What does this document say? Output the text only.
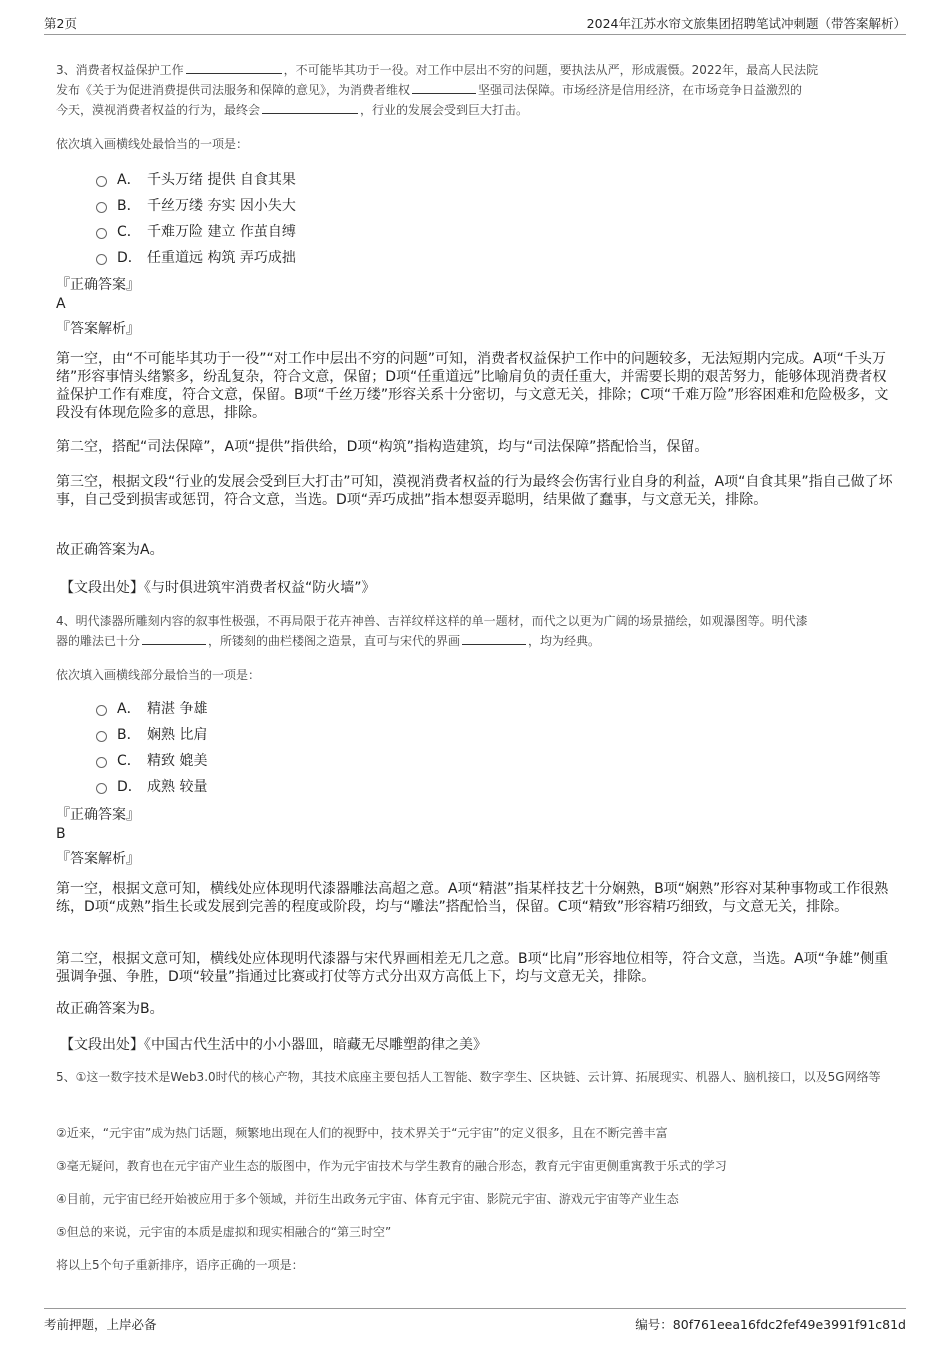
第2页	2024年江苏水帘文旅集团招聘笔试冲刺题（带答案解析）

3、消费者权益保护工作	，不可能毕其功于一役。对工作中层出不穷的问题，要执法从严，形成震慑。2022年，最高人民法院
发布《关于为促进消费提供司法服务和保障的意见》，为消费者维权	坚强司法保障。市场经济是信用经济，在市场竞争日益激烈的
今天，漠视消费者权益的行为，最终会	，行业的发展会受到巨大打击。

依次填入画横线处最恰当的一项是：

A． 千头万绪 提供 自食其果
B． 千丝万缕 夯实 因小失大
C． 千难万险 建立 作茧自缚
D． 任重道远 构筑 弄巧成拙

『正确答案』

A

『答案解析』

第一空，由“不可能毕其功于一役”“对工作中层出不穷的问题”可知，消费者权益保护工作中的问题较多，无法短期内完成。A项“千头万绪”形容事情头绪繁多，纷乱复杂，符合文意，保留；D项“任重道远”比喻肩负的责任重大，并需要长期的艰苦努力，能够体现消费者权益保护工作有难度，符合文意，保留。B项“千丝万缕”形容关系十分密切，与文意无关，排除；C项“千难万险”形容困难和危险极多，文段没有体现危险多的意思，排除。

第二空，搭配“司法保障”，A项“提供”指供给，D项“构筑”指构造建筑，均与“司法保障”搭配恰当，保留。

第三空，根据文段“行业的发展会受到巨大打击”可知，漠视消费者权益的行为最终会伤害行业自身的利益，A项“自食其果”指自己做了坏事，自己受到损害或惩罚，符合文意，当选。D项“弄巧成拙”指本想耍弄聪明，结果做了蠢事，与文意无关，排除。

故正确答案为A。

【文段出处】《与时俱进筑牢消费者权益“防火墙”》

4、明代漆器所雕刻内容的叙事性极强，不再局限于花卉神兽、吉祥纹样这样的单一题材，而代之以更为广阔的场景描绘，如观瀑图等。明代漆
器的雕法已十分	，所镂刻的曲栏楼阁之造景，直可与宋代的界画	，均为经典。

依次填入画横线部分最恰当的一项是：

A． 精湛 争雄
B． 娴熟 比肩
C． 精致 媲美
D． 成熟 较量

『正确答案』

B

『答案解析』

第一空，根据文意可知，横线处应体现明代漆器雕法高超之意。A项“精湛”指某样技艺十分娴熟，B项“娴熟”形容对某种事物或工作很熟练，D项“成熟”指生长或发展到完善的程度或阶段，均与“雕法”搭配恰当，保留。C项“精致”形容精巧细致，与文意无关，排除。

第二空，根据文意可知，横线处应体现明代漆器与宋代界画相差无几之意。B项“比肩”形容地位相等，符合文意，当选。A项“争雄”侧重强调争强、争胜，D项“较量”指通过比赛或打仗等方式分出双方高低上下，均与文意无关，排除。

故正确答案为B。

【文段出处】《中国古代生活中的小小器皿，暗藏无尽雕塑韵律之美》

5、①这一数字技术是Web3.0时代的核心产物，其技术底座主要包括人工智能、数字孪生、区块链、云计算、拓展现实、机器人、脑机接口，以及5G网络等

②近来，“元宇宙”成为热门话题，频繁地出现在人们的视野中，技术界关于“元宇宙”的定义很多，且在不断完善丰富

③毫无疑问，教育也在元宇宙产业生态的版图中，作为元宇宙技术与学生教育的融合形态，教育元宇宙更侧重寓教于乐式的学习

④目前，元宇宙已经开始被应用于多个领域，并衍生出政务元宇宙、体育元宇宙、影院元宇宙、游戏元宇宙等产业生态

⑤但总的来说，元宇宙的本质是虚拟和现实相融合的“第三时空”

将以上5个句子重新排序，语序正确的一项是：

考前押题，上岸必备	编号：80f761eea16fdc2fef49e3991f91c81d
